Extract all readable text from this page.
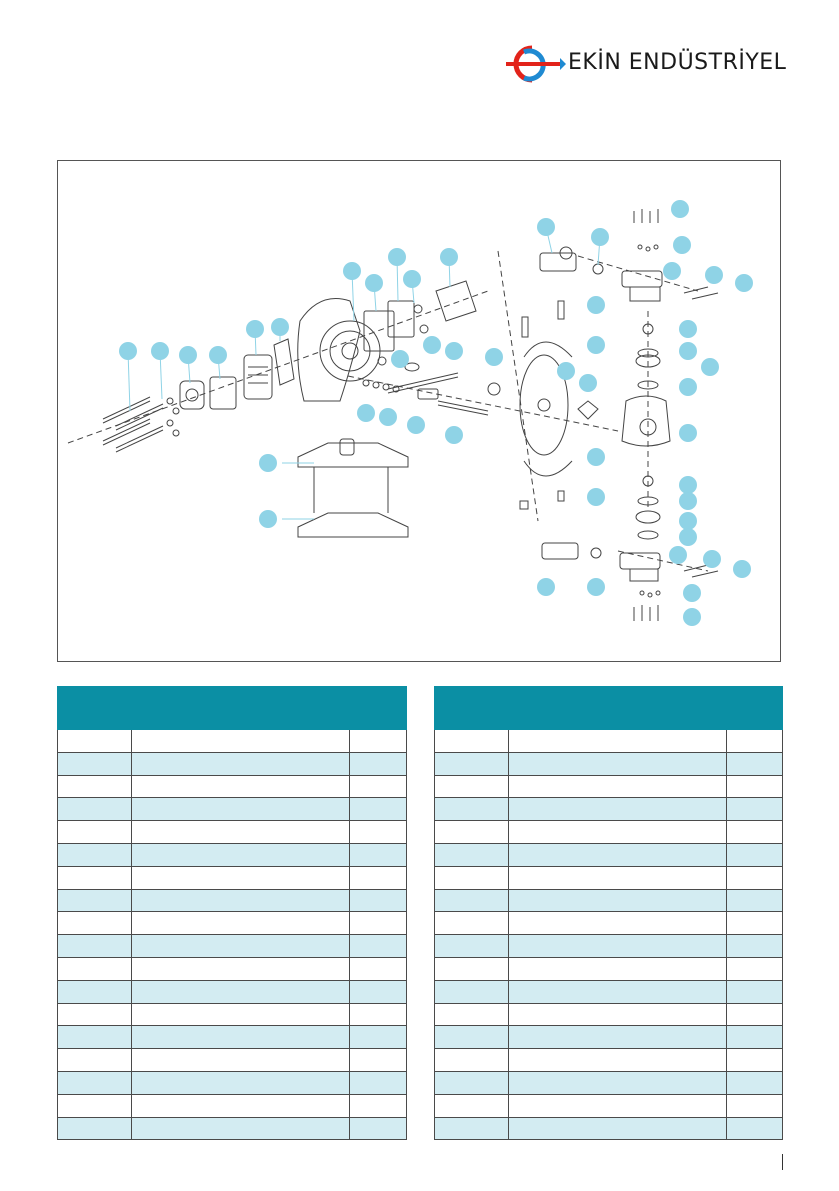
EKİN ENDÜSTRİYEL
